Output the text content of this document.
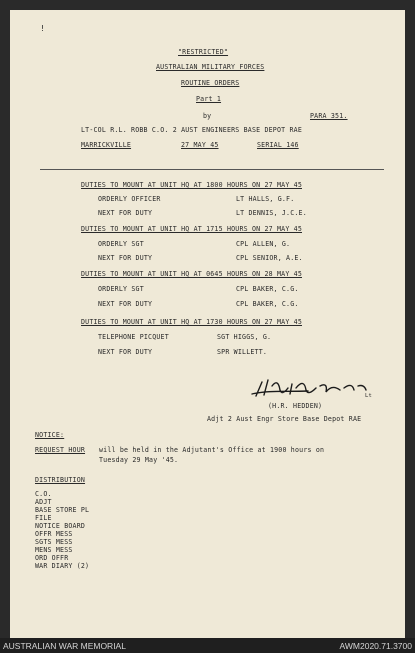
!
"RESTRICTED"
AUSTRALIAN MILITARY FORCES
ROUTINE ORDERS
Part 1
by	PARA 351.
LT-COL R.L. ROBB C.O. 2 AUST ENGINEERS BASE DEPOT RAE
MARRICKVILLE	27 MAY 45	SERIAL 146
DUTIES TO MOUNT AT UNIT HQ AT 1800 HOURS ON 27 MAY 45
ORDERLY OFFICER	LT HALLS, G.F.
NEXT FOR DUTY	LT DENNIS, J.C.E.
DUTIES TO MOUNT AT UNIT HQ AT 1715 HOURS ON 27 MAY 45
ORDERLY SGT	CPL ALLEN, G.
NEXT FOR DUTY	CPL SENIOR, A.E.
DUTIES TO MOUNT AT UNIT HQ AT 0645 HOURS ON 28 MAY 45
ORDERLY SGT	CPL BAKER, C.G.
NEXT FOR DUTY	CPL BAKER, C.G.
DUTIES TO MOUNT AT UNIT HQ AT 1730 HOURS ON 27 MAY 45
TELEPHONE PICQUET	SGT HIGGS, G.
NEXT FOR DUTY	SPR WILLETT.
Lt
(H.R. HEDDEN)
Adjt 2 Aust Engr Store Base Depot RAE
NOTICE:
REQUEST HOUR will be held in the Adjutant's Office at 1900 hours on
Tuesday 29 May '45.
DISTRIBUTION
C.O.
ADJT
BASE STORE PL
FILE
NOTICE BOARD
OFFR MESS
SGTS MESS
MENS MESS
ORD OFFR
WAR DIARY (2)
AUSTRALIAN WAR MEMORIAL	AWM2020.71.3700
